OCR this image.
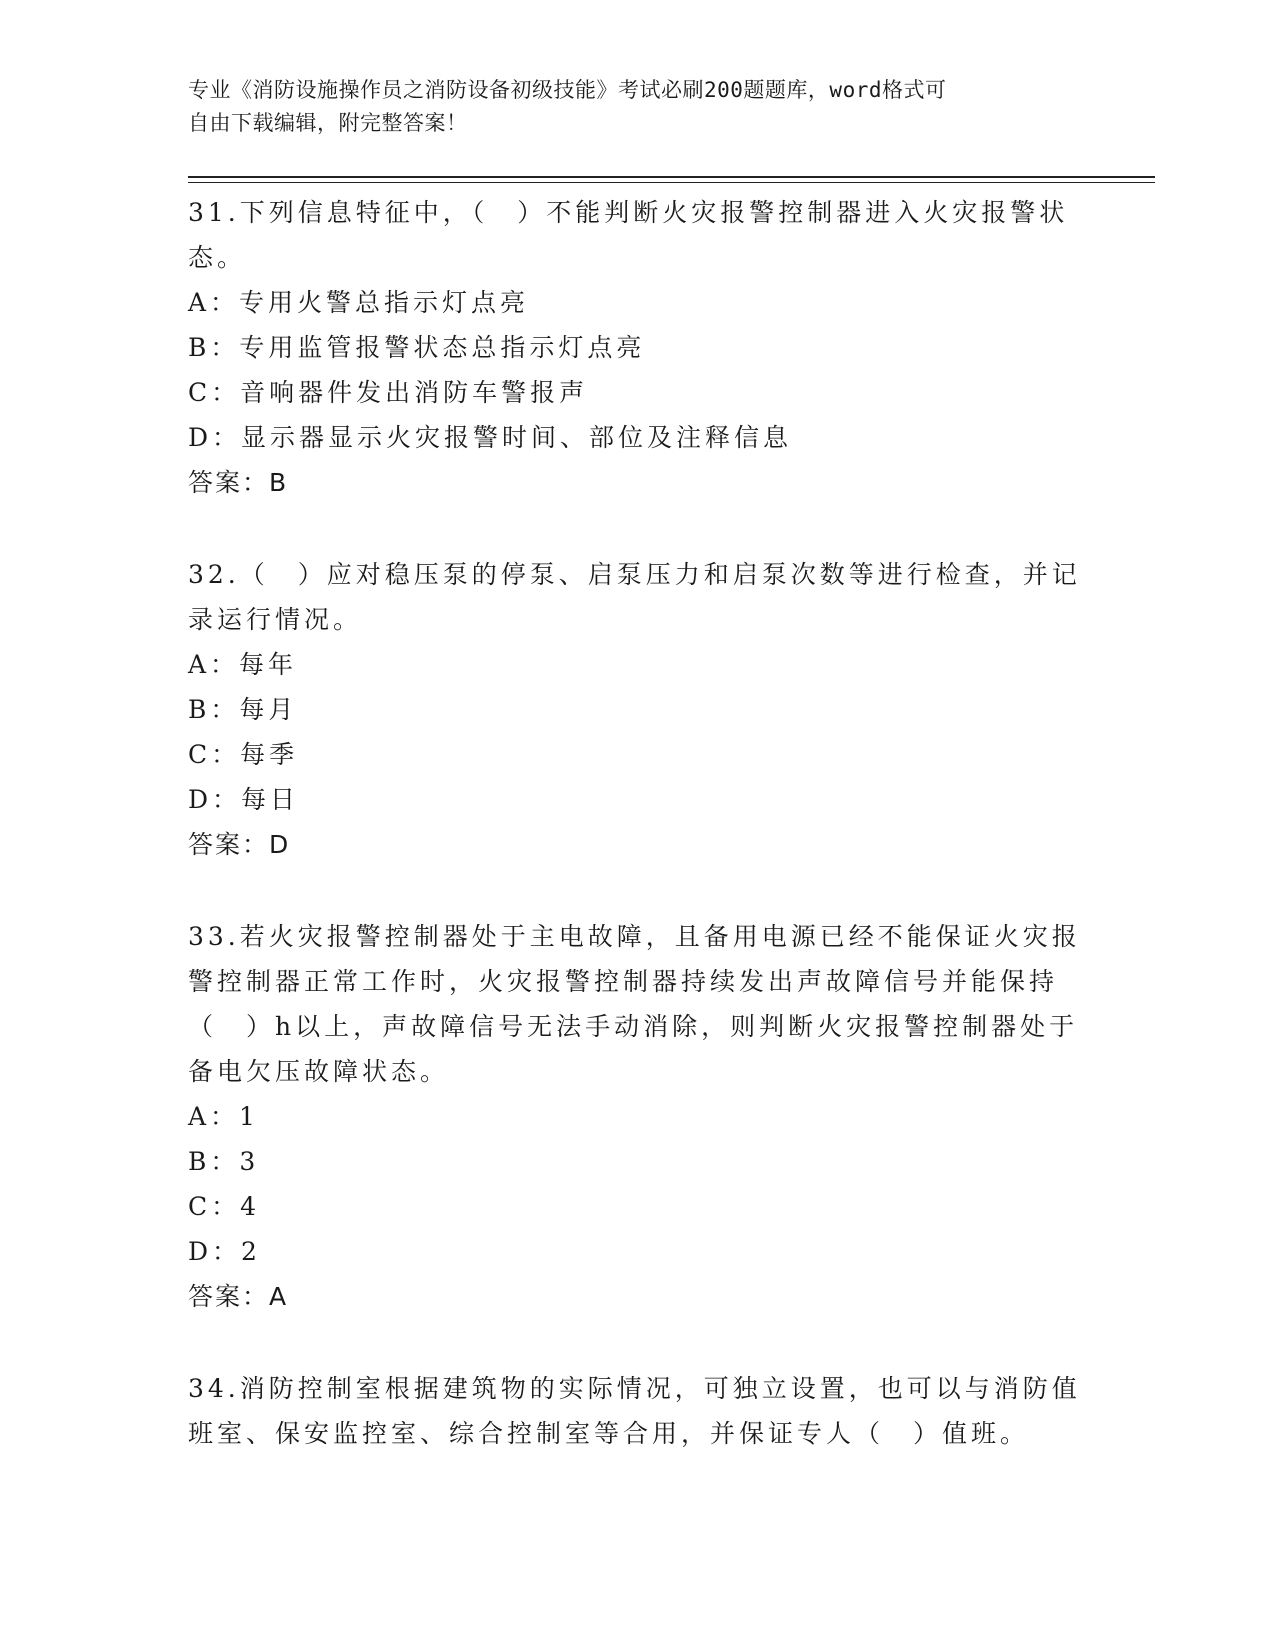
专业《消防设施操作员之消防设备初级技能》考试必刷200题题库，word格式可
自由下载编辑，附完整答案！
31.下列信息特征中，（　）不能判断火灾报警控制器进入火灾报警状态。
A：专用火警总指示灯点亮
B：专用监管报警状态总指示灯点亮
C：音响器件发出消防车警报声
D：显示器显示火灾报警时间、部位及注释信息
答案：B
32.（　）应对稳压泵的停泵、启泵压力和启泵次数等进行检查，并记录运行情况。
A：每年
B：每月
C：每季
D：每日
答案：D
33.若火灾报警控制器处于主电故障，且备用电源已经不能保证火灾报警控制器正常工作时，火灾报警控制器持续发出声故障信号并能保持（　）h以上，声故障信号无法手动消除，则判断火灾报警控制器处于备电欠压故障状态。
A：1
B：3
C：4
D：2
答案：A
34.消防控制室根据建筑物的实际情况，可独立设置，也可以与消防值班室、保安监控室、综合控制室等合用，并保证专人（　）值班。
